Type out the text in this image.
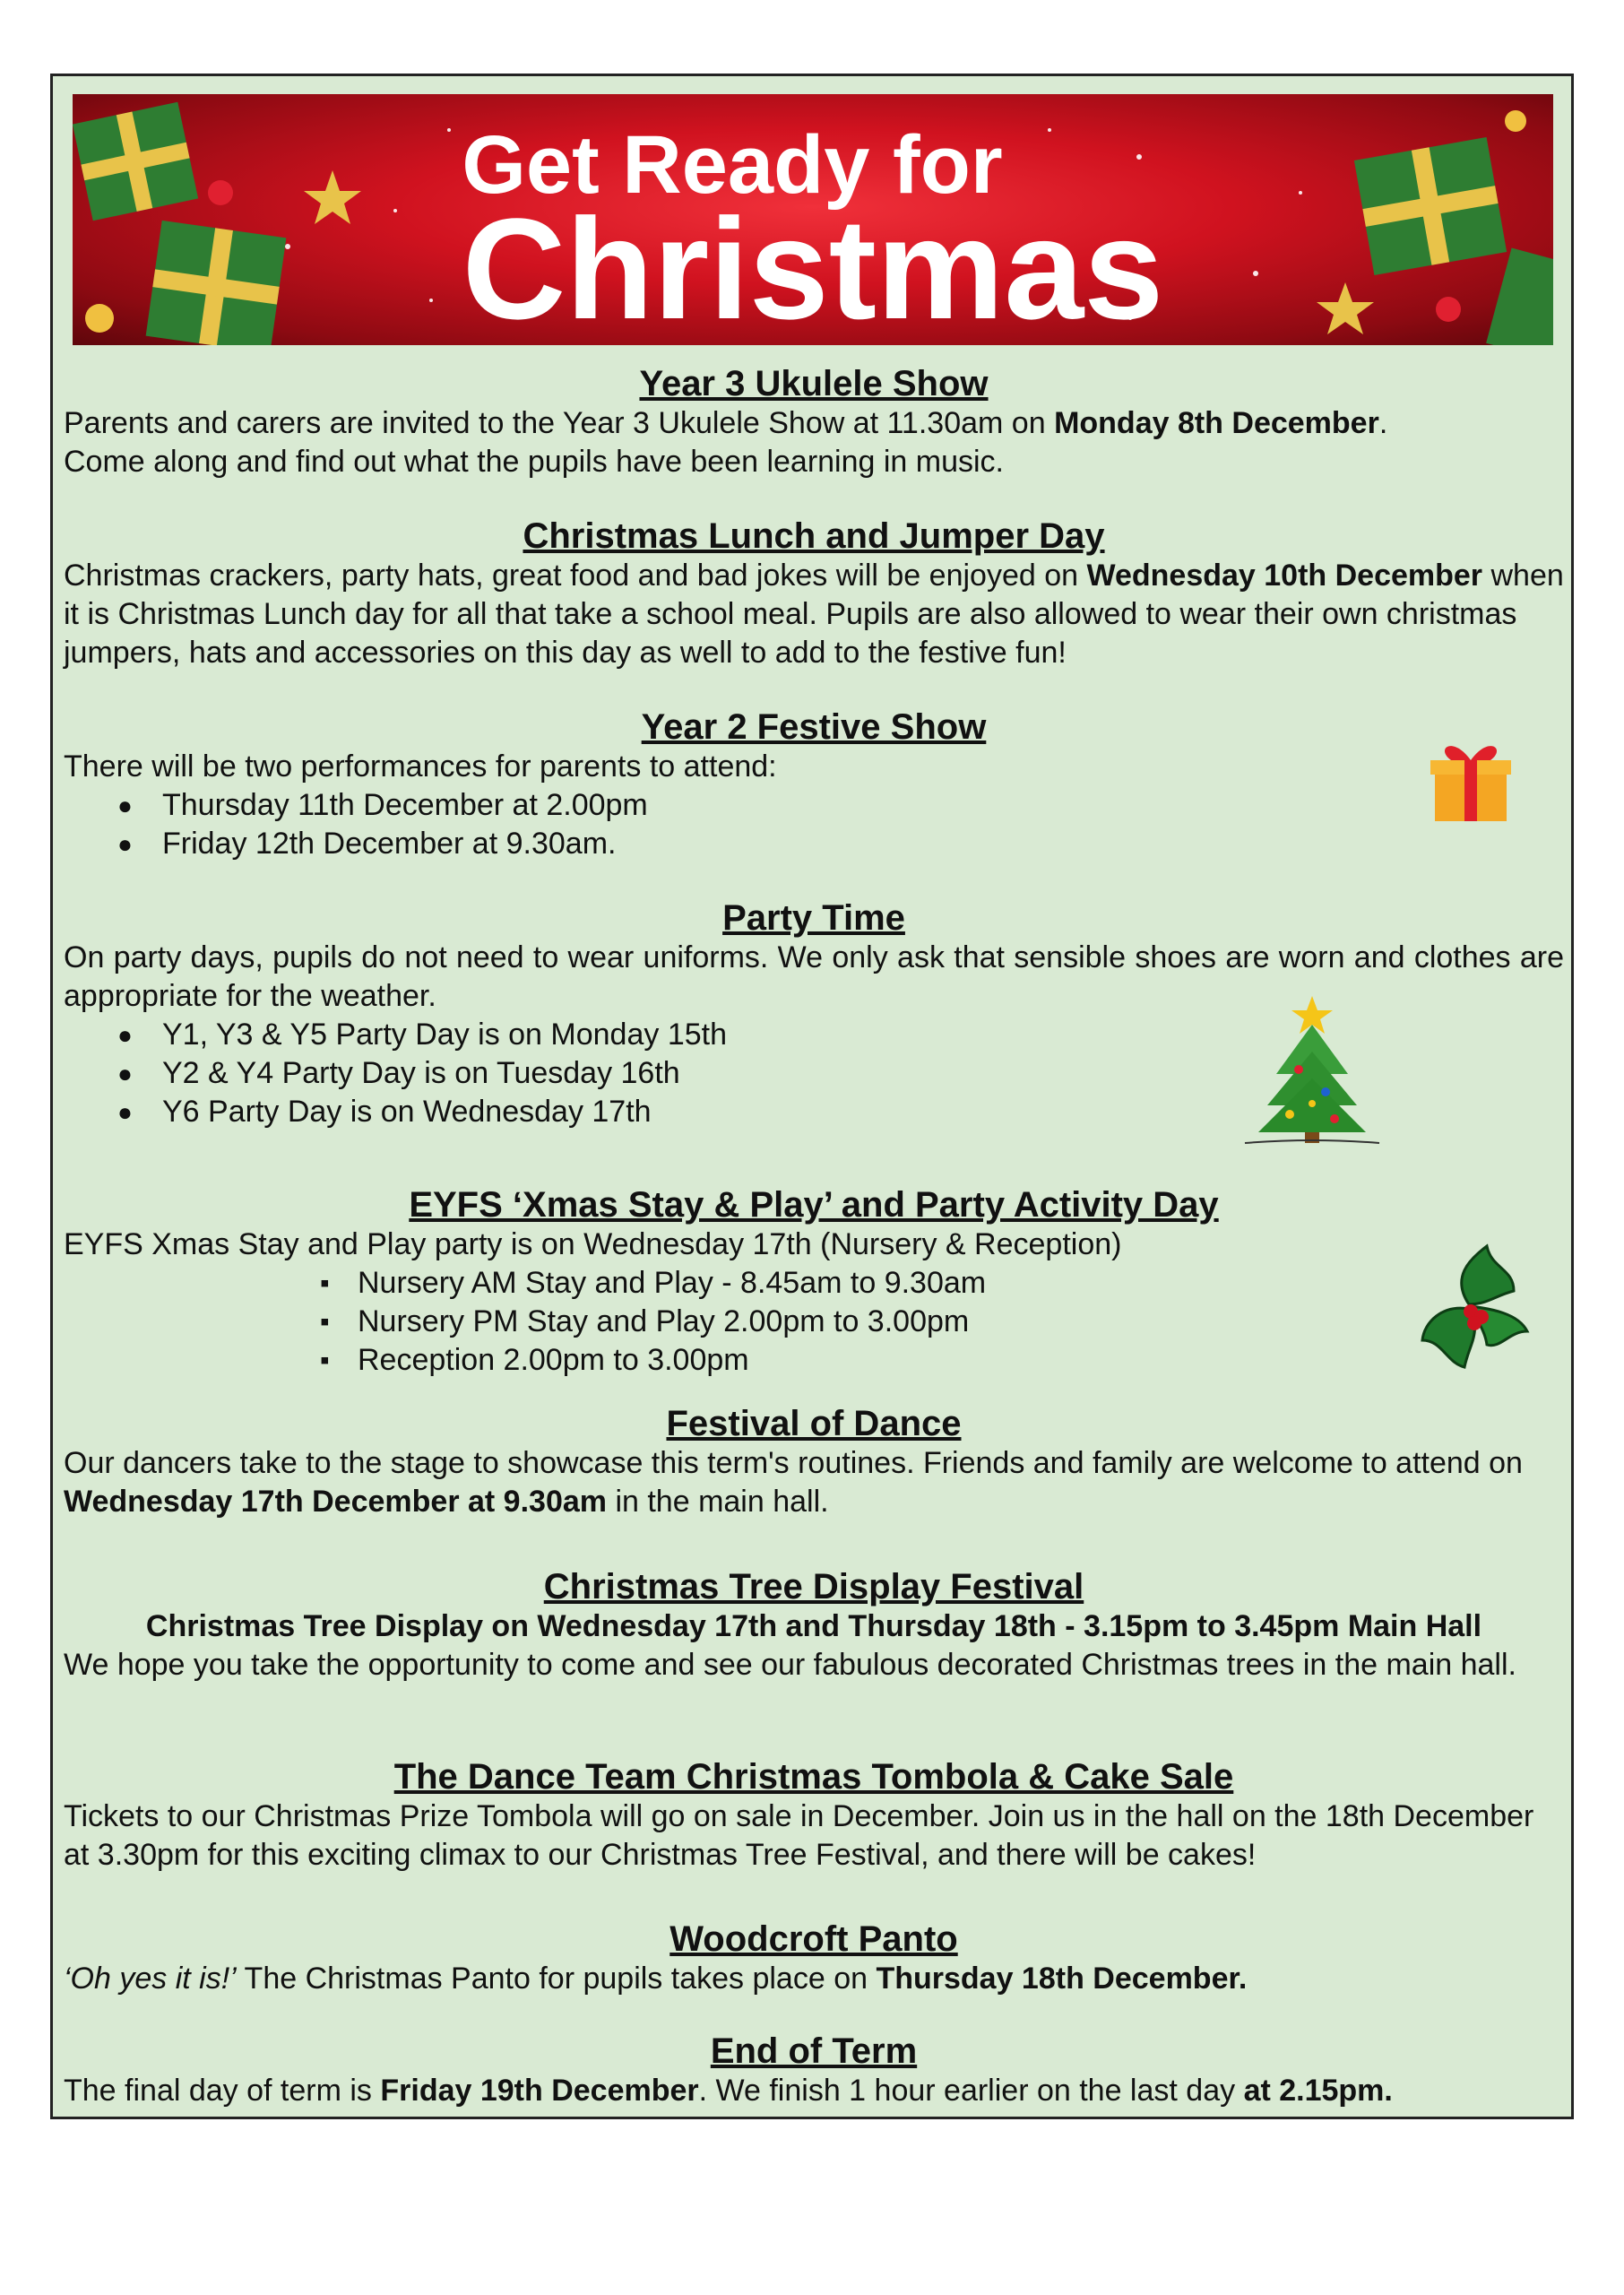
Get Ready for
Christmas

Year 3 Ukulele Show

Parents and carers are invited to the Year 3 Ukulele Show at 11.30am on Monday 8th December.

Come along and find out what the pupils have been learning in music.

Christmas Lunch and Jumper Day

Christmas crackers, party hats, great food and bad jokes will be enjoyed on Wednesday 10th December when it is Christmas Lunch day for all that take a school meal. Pupils are also allowed to wear their own christmas jumpers, hats and accessories on this day as well to add to the festive fun!

Year 2 Festive Show

There will be two performances for parents to attend:

● Thursday 11th December at 2.00pm
● Friday 12th December at 9.30am.

Party Time

On party days, pupils do not need to wear uniforms. We only ask that sensible shoes are worn and clothes are appropriate for the weather.

● Y1, Y3 & Y5 Party Day is on Monday 15th
● Y2 & Y4 Party Day is on Tuesday 16th
● Y6 Party Day is on Wednesday 17th

EYFS ‘Xmas Stay & Play’ and Party Activity Day

EYFS Xmas Stay and Play party is on Wednesday 17th (Nursery & Reception)

▪ Nursery AM Stay and Play - 8.45am to 9.30am
▪ Nursery PM Stay and Play 2.00pm to 3.00pm
▪ Reception 2.00pm to 3.00pm

Festival of Dance

Our dancers take to the stage to showcase this term's routines. Friends and family are welcome to attend on Wednesday 17th December at 9.30am in the main hall.

Christmas Tree Display Festival

Christmas Tree Display on Wednesday 17th and Thursday 18th - 3.15pm to 3.45pm Main Hall

We hope you take the opportunity to come and see our fabulous decorated Christmas trees in the main hall.

The Dance Team Christmas Tombola & Cake Sale

Tickets to our Christmas Prize Tombola will go on sale in December. Join us in the hall on the 18th December at 3.30pm for this exciting climax to our Christmas Tree Festival, and there will be cakes!

Woodcroft Panto

‘Oh yes it is!’ The Christmas Panto for pupils takes place on Thursday 18th December.

End of Term

The final day of term is Friday 19th December. We finish 1 hour earlier on the last day at 2.15pm.
